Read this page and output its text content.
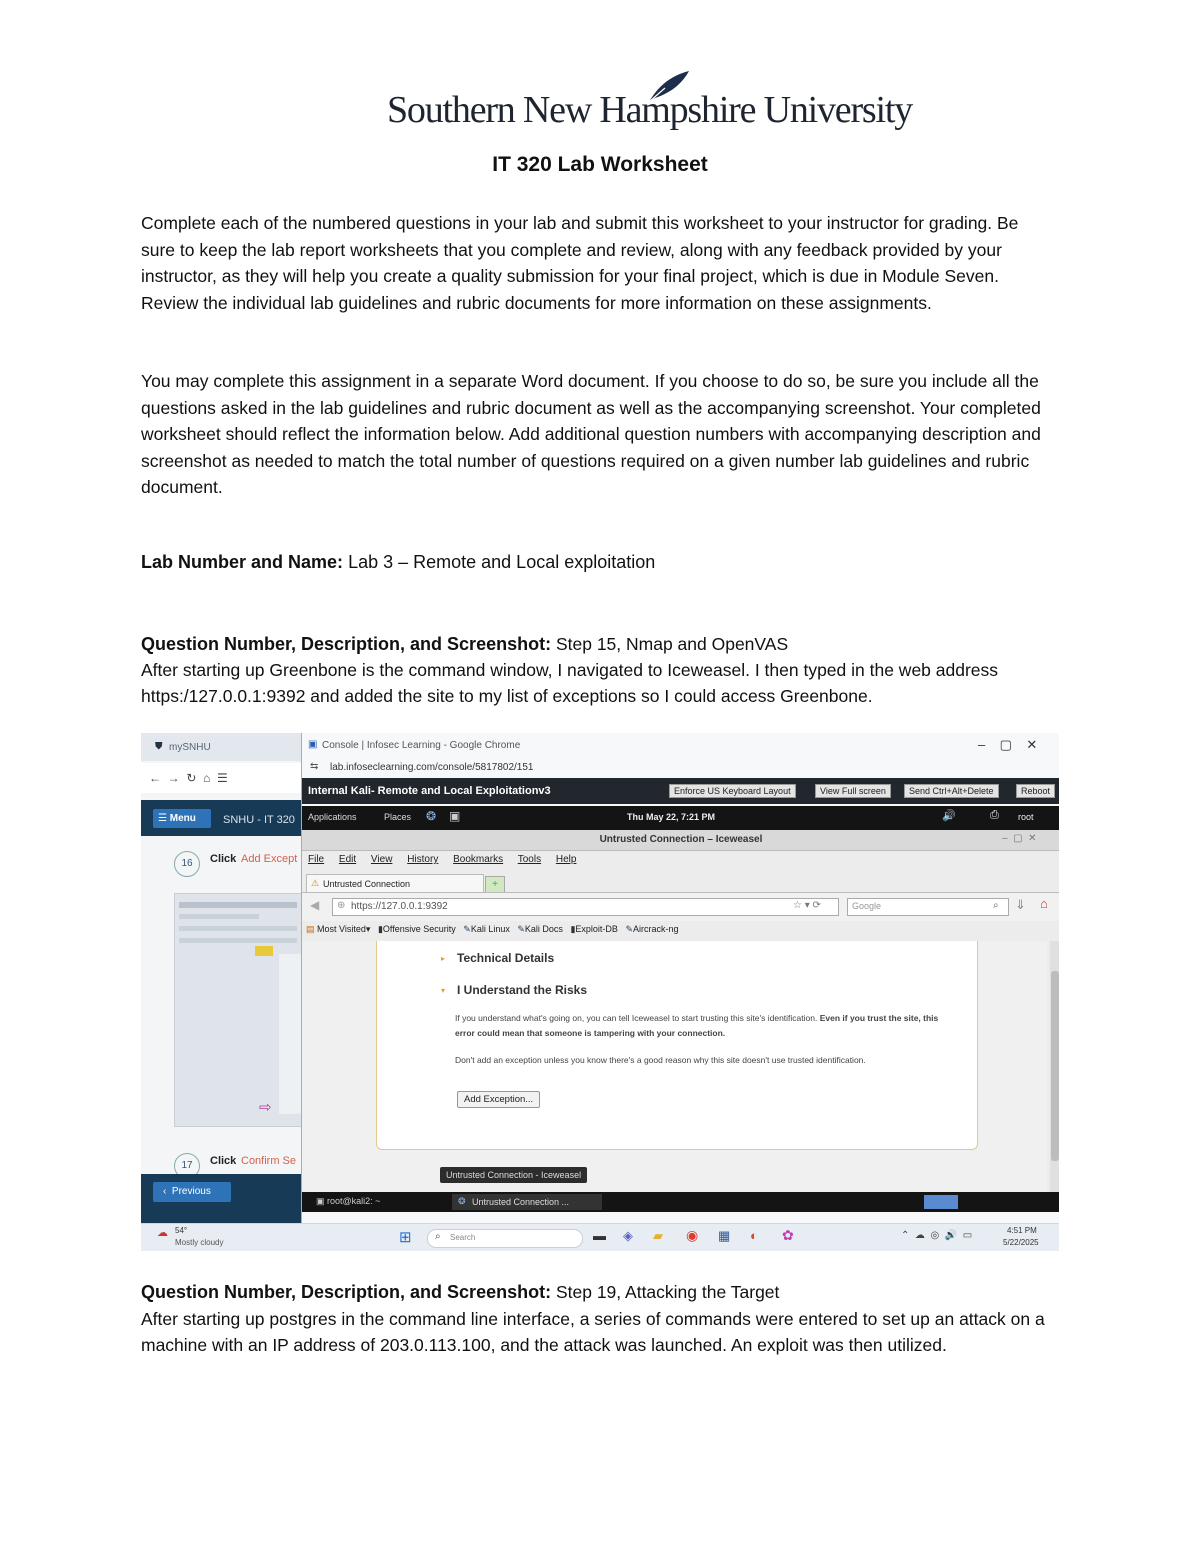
Southern New Hampshire University
IT 320 Lab Worksheet
Complete each of the numbered questions in your lab and submit this worksheet to your instructor for grading. Be sure to keep the lab report worksheets that you complete and review, along with any feedback provided by your instructor, as they will help you create a quality submission for your final project, which is due in Module Seven. Review the individual lab guidelines and rubric documents for more information on these assignments.
You may complete this assignment in a separate Word document. If you choose to do so, be sure you include all the questions asked in the lab guidelines and rubric document as well as the accompanying screenshot. Your completed worksheet should reflect the information below. Add additional question numbers with accompanying description and screenshot as needed to match the total number of questions required on a given number lab guidelines and rubric document.
Lab Number and Name: Lab 3 – Remote and Local exploitation
Question Number, Description, and Screenshot: Step 15, Nmap and OpenVAS
After starting up Greenbone is the command window, I navigated to Iceweasel. I then typed in the web address https:/127.0.0.1:9392 and added the site to my list of exceptions so I could access Greenbone.
⛊ mySNHU
←  →  ↻  ⌂  ☰
☰ Menu	SNHU - IT 320
16	Click Add Except
⇨
17	Click Confirm Se
‹ Previous
▣ Console | Infosec Learning - Google Chrome	–    ▢    ✕
⇆ lab.infoseclearning.com/console/5817802/151
Internal Kali- Remote and Local Exploitationv3	Enforce US Keyboard Layout	View Full screen	Send Ctrl+Alt+Delete	Reboot
Applications	Places ❂ ▣	Thu May 22, 7:21 PM	🔊	⎙ root
Untrusted Connection – Iceweasel	–  ▢  ✕
File Edit View History Bookmarks Tools Help
⚠ Untrusted Connection	+
◀ ⊕ https://127.0.0.1:9392	☆ ▾ ⟳	Google	⌕ ⇓ ⌂
▤ Most Visited▾ ▮Offensive Security ✎Kali Linux ✎Kali Docs ▮Exploit-DB ✎Aircrack-ng
▸ Technical Details
▾ I Understand the Risks
If you understand what's going on, you can tell Iceweasel to start trusting this site's identification. Even if you trust the site, this error could mean that someone is tampering with your connection.
Don't add an exception unless you know there's a good reason why this site doesn't use trusted identification.
Add Exception...
Untrusted Connection - Iceweasel
▣ root@kali2: ~	❂ Untrusted Connection ...
☁ 54°
Mostly cloudy	⊞ ⌕ Search	▬ ◈ ▰ ◉ ▦ ◐ ✿	⌃  ☁  ◎  🔊  ▭	4:51 PM
5/22/2025
Question Number, Description, and Screenshot: Step 19, Attacking the Target
After starting up postgres in the command line interface, a series of commands were entered to set up an attack on a machine with an IP address of 203.0.113.100, and the attack was launched. An exploit was then utilized.
